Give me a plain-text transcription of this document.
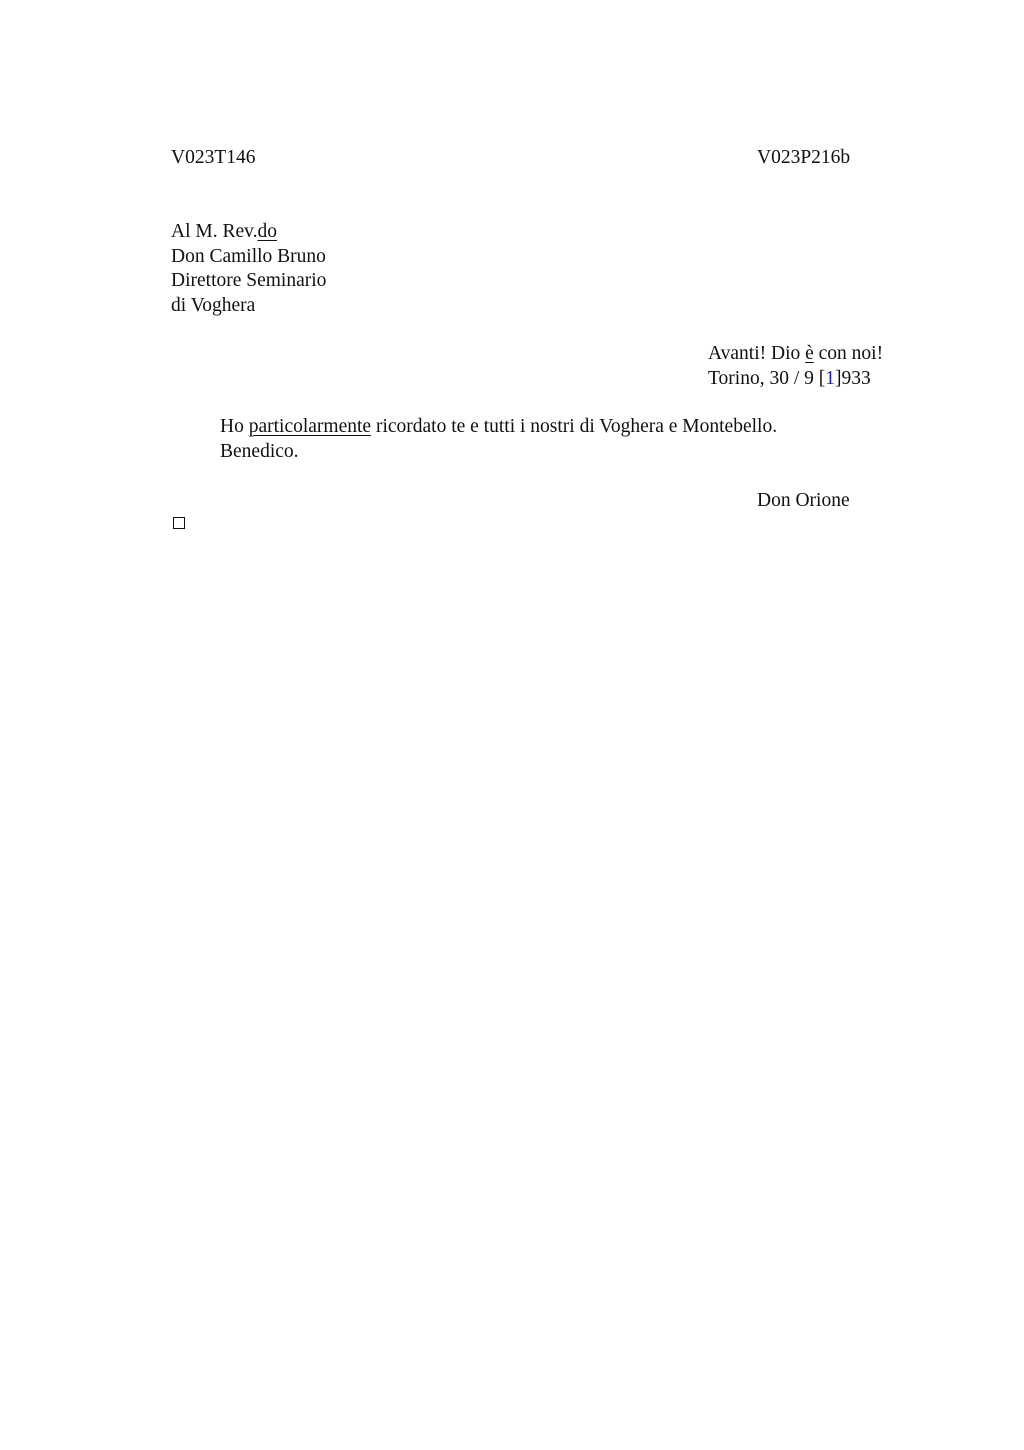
V023T146	V023P216b
Al M. Rev.do
Don Camillo Bruno
Direttore Seminario
di Voghera
Avanti! Dio è con noi!
Torino, 30 / 9 [1]933
Ho particolarmente ricordato te e tutti i nostri di Voghera e Montebello.
Benedico.
Don Orione
